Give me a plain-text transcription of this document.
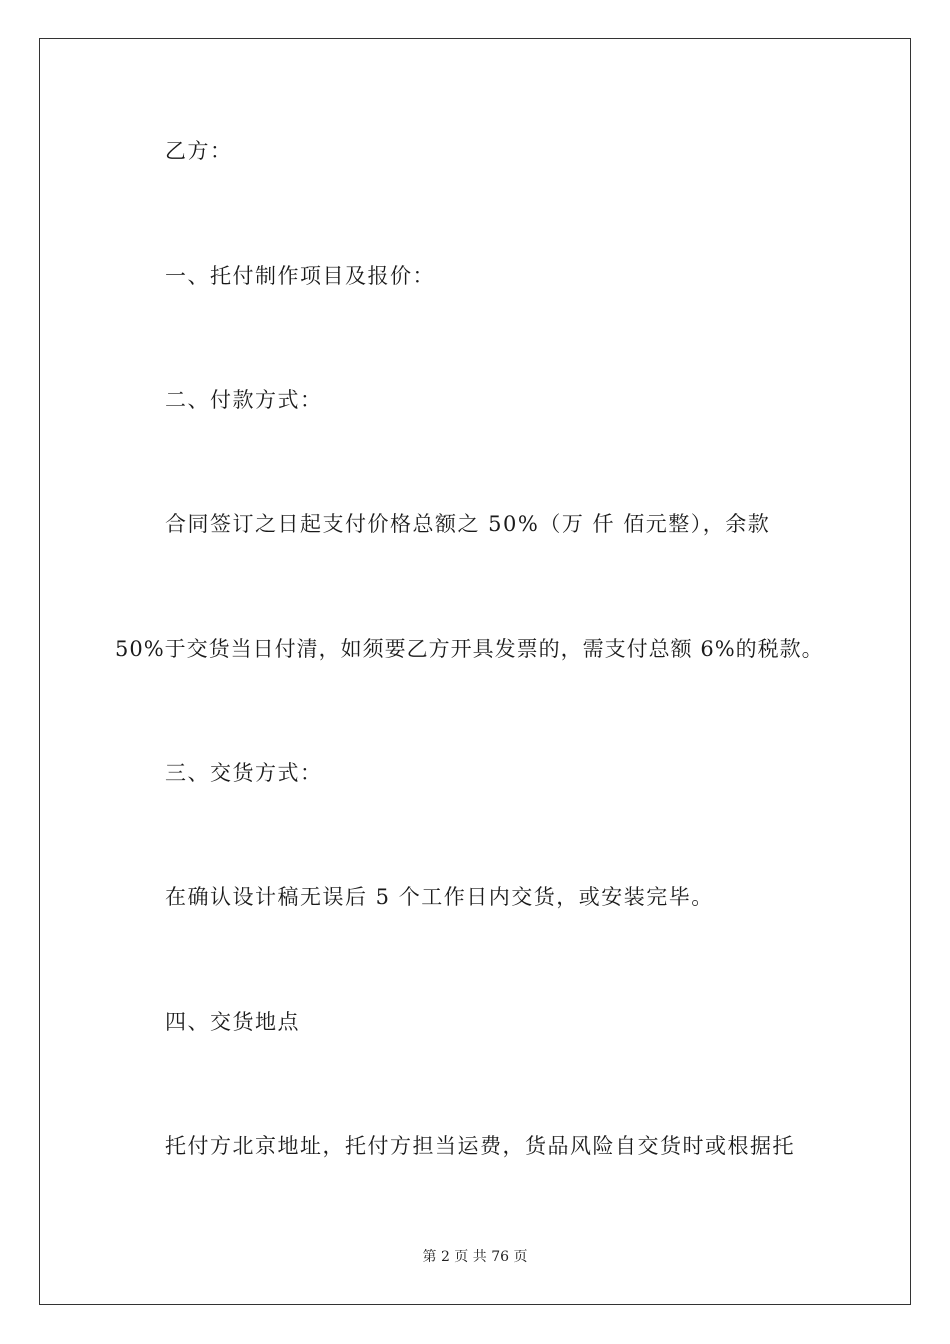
乙方：
一、托付制作项目及报价：
二、付款方式：
合同签订之日起支付价格总额之 50%（万 仟 佰元整），余款
50%于交货当日付清，如须要乙方开具发票的，需支付总额 6%的税款。
三、交货方式：
在确认设计稿无误后 5 个工作日内交货，或安装完毕。
四、交货地点
托付方北京地址，托付方担当运费，货品风险自交货时或根据托
第 2 页 共 76 页
